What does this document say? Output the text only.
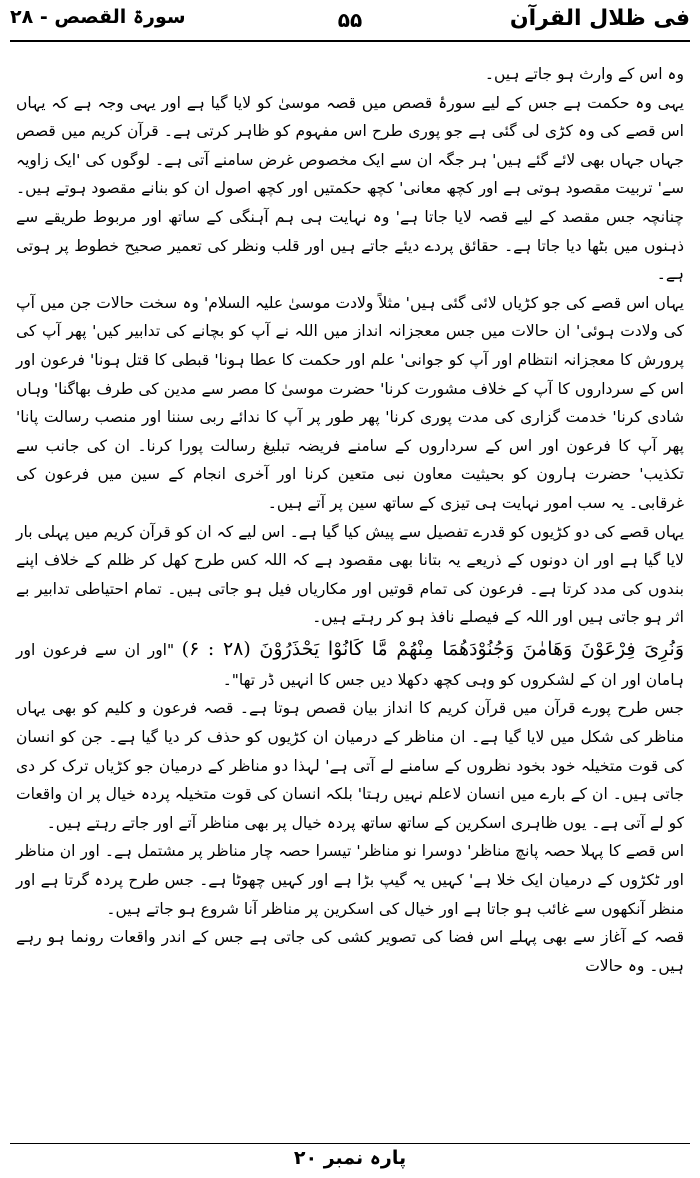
فی ظلال القرآن
۵۵
سورۃ القصص - ۲۸

وہ اس کے وارث ہو جاتے ہیں۔

یہی وہ حکمت ہے جس کے لیے سورۂ قصص میں قصہ موسیٰ کو لایا گیا ہے اور یہی وجہ ہے کہ یہاں اس قصے کی وہ کڑی لی گئی ہے جو پوری طرح اس مفہوم کو ظاہر کرتی ہے۔ قرآن کریم میں قصص جہاں جہاں بھی لائے گئے ہیں' ہر جگہ ان سے ایک مخصوص غرض سامنے آتی ہے۔ لوگوں کی 'ایک زاویہ سے' تربیت مقصود ہوتی ہے اور کچھ معانی' کچھ حکمتیں اور کچھ اصول ان کو بنانے مقصود ہوتے ہیں۔ چنانچہ جس مقصد کے لیے قصہ لایا جاتا ہے' وہ نہایت ہی ہم آہنگی کے ساتھ اور مربوط طریقے سے ذہنوں میں بٹھا دیا جاتا ہے۔ حقائق پردے دیئے جاتے ہیں اور قلب ونظر کی تعمیر صحیح خطوط پر ہوتی ہے۔

یہاں اس قصے کی جو کڑیاں لائی گئی ہیں' مثلاً ولادت موسیٰ علیہ السلام' وہ سخت حالات جن میں آپ کی ولادت ہوئی' ان حالات میں جس معجزانہ انداز میں اللہ نے آپ کو بچانے کی تدابیر کیں' پھر آپ کی پرورش کا معجزانہ انتظام اور آپ کو جوانی' علم اور حکمت کا عطا ہونا' قبطی کا قتل ہونا' فرعون اور اس کے سرداروں کا آپ کے خلاف مشورت کرنا' حضرت موسیٰ کا مصر سے مدین کی طرف بھاگنا' وہاں شادی کرنا' خدمت گزاری کی مدت پوری کرنا' پھر طور پر آپ کا ندائے ربی سننا اور منصب رسالت پانا' پھر آپ کا فرعون اور اس کے سرداروں کے سامنے فریضہ تبلیغ رسالت پورا کرنا۔ ان کی جانب سے تکذیب' حضرت ہارون کو بحیثیت معاون نبی متعین کرنا اور آخری انجام کے سین میں فرعون کی غرقابی۔ یہ سب امور نہایت ہی تیزی کے ساتھ سین پر آتے ہیں۔

یہاں قصے کی دو کڑیوں کو قدرے تفصیل سے پیش کیا گیا ہے۔ اس لیے کہ ان کو قرآن کریم میں پہلی بار لایا گیا ہے اور ان دونوں کے ذریعے یہ بتانا بھی مقصود ہے کہ اللہ کس طرح کھل کر ظلم کے خلاف اپنے بندوں کی مدد کرتا ہے۔ فرعون کی تمام قوتیں اور مکاریاں فیل ہو جاتی ہیں۔ تمام احتیاطی تدابیر بے اثر ہو جاتی ہیں اور اللہ کے فیصلے نافذ ہو کر رہتے ہیں۔

وَنُرِیَ فِرْعَوْنَ وَهَامٰنَ وَجُنُوْدَهُمَا مِنْهُمْ مَّا كَانُوْا یَحْذَرُوْنَ (۲۸ : ۶) "اور ان سے فرعون اور ہامان اور ان کے لشکروں کو وہی کچھ دکھلا دیں جس کا انہیں ڈر تھا"۔

جس طرح پورے قرآن میں قرآن کریم کا انداز بیان قصص ہوتا ہے۔ قصہ فرعون و کلیم کو بھی یہاں مناظر کی شکل میں لایا گیا ہے۔ ان مناظر کے درمیان ان کڑیوں کو حذف کر دیا گیا ہے۔ جن کو انسان کی قوت متخیلہ خود بخود نظروں کے سامنے لے آتی ہے' لہذا دو مناظر کے درمیان جو کڑیاں ترک کر دی جاتی ہیں۔ ان کے بارے میں انسان لاعلم نہیں رہتا' بلکہ انسان کی قوت متخیلہ پردہ خیال پر ان واقعات کو لے آتی ہے۔ یوں ظاہری اسکرین کے ساتھ ساتھ پردہ خیال پر بھی مناظر آتے اور جاتے رہتے ہیں۔

اس قصے کا پہلا حصہ پانچ مناظر' دوسرا نو مناظر' تیسرا حصہ چار مناظر پر مشتمل ہے۔ اور ان مناظر اور ٹکڑوں کے درمیان ایک خلا ہے' کہیں یہ گیپ بڑا ہے اور کہیں چھوٹا ہے۔ جس طرح پردہ گرتا ہے اور منظر آنکھوں سے غائب ہو جاتا ہے اور خیال کی اسکرین پر مناظر آنا شروع ہو جاتے ہیں۔

قصہ کے آغاز سے بھی پہلے اس فضا کی تصویر کشی کی جاتی ہے جس کے اندر واقعات رونما ہو رہے ہیں۔ وہ حالات

پارہ نمبر ۲۰
